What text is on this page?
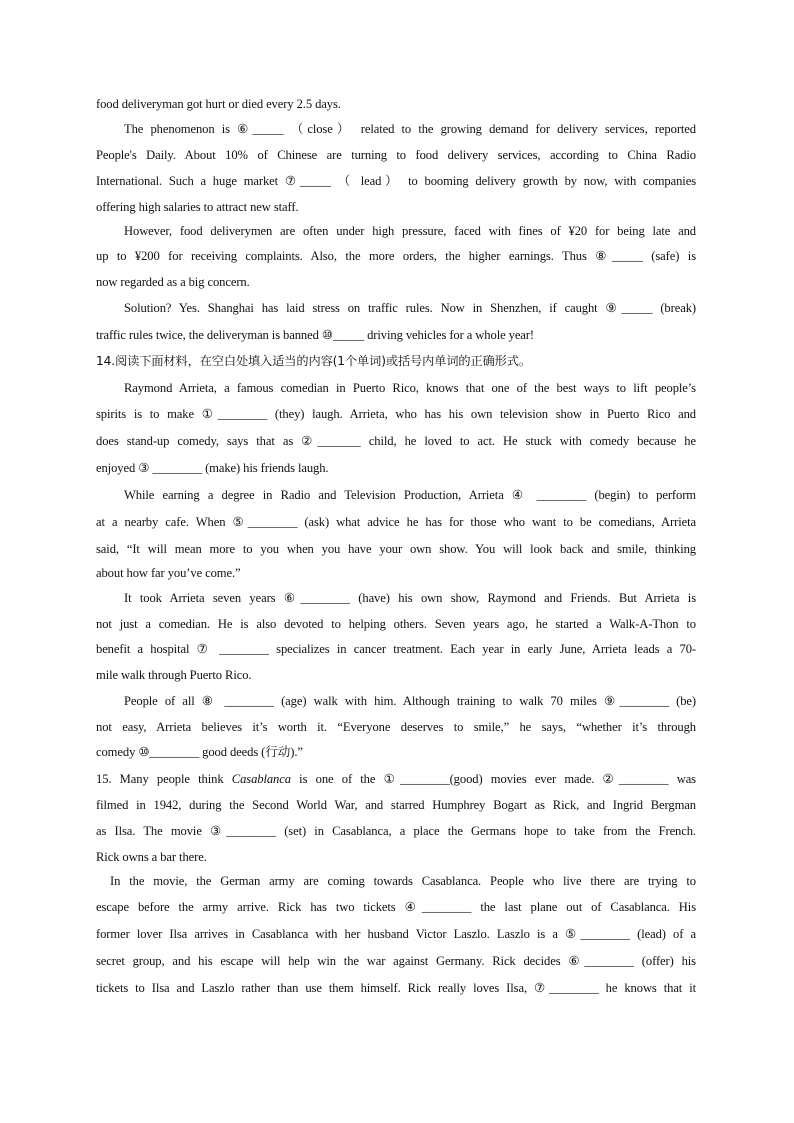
food deliveryman got hurt or died every 2.5 days.
The phenomenon is ⑥_____ （close） related to the growing demand for delivery services, reported
People's Daily. About 10% of Chinese are turning to food delivery services, according to China Radio
International. Such a huge market ⑦_____ （ lead） to booming delivery growth by now, with companies
offering high salaries to attract new staff.
However, food deliverymen are often under high pressure, faced with fines of ¥20 for being late and
up to ¥200 for receiving complaints. Also, the more orders, the higher earnings. Thus ⑧_____ (safe) is
now regarded as a big concern.
Solution? Yes. Shanghai has laid stress on traffic rules. Now in Shenzhen, if caught ⑨_____ (break)
traffic rules twice, the deliveryman is banned ⑩_____ driving vehicles for a whole year!
14.阅读下面材料，在空白处填入适当的内容(1个单词)或括号内单词的正确形式。
Raymond Arrieta, a famous comedian in Puerto Rico, knows that one of the best ways to lift people’s
spirits is to make ①________ (they) laugh. Arrieta, who has his own television show in Puerto Rico and
does stand-up comedy, says that as ②_______ child, he loved to act. He stuck with comedy because he
enjoyed ③ ________ (make) his friends laugh.
While earning a degree in Radio and Television Production, Arrieta ④ ________ (begin) to perform
at a nearby cafe. When ⑤________ (ask) what advice he has for those who want to be comedians, Arrieta
said, “It will mean more to you when you have your own show. You will look back and smile, thinking
about how far you’ve come.”
It took Arrieta seven years ⑥________ (have) his own show, Raymond and Friends. But Arrieta is
not just a comedian. He is also devoted to helping others. Seven years ago, he started a Walk-A-Thon to
benefit a hospital ⑦ ________ specializes in cancer treatment. Each year in early June, Arrieta leads a 70-
mile walk through Puerto Rico.
People of all ⑧ ________ (age) walk with him. Although training to walk 70 miles ⑨________ (be)
not easy, Arrieta believes it’s worth it. “Everyone deserves to smile,” he says, “whether it’s through
comedy ⑩________ good deeds (行动).”
15. Many people think Casablanca is one of the ①________(good) movies ever made. ②________ was
filmed in 1942, during the Second World War, and starred Humphrey Bogart as Rick, and Ingrid Bergman
as Ilsa. The movie ③________ (set) in Casablanca, a place the Germans hope to take from the French.
Rick owns a bar there.
In the movie, the German army are coming towards Casablanca. People who live there are trying to
escape before the army arrive. Rick has two tickets ④________ the last plane out of Casablanca. His
former lover Ilsa arrives in Casablanca with her husband Victor Laszlo. Laszlo is a ⑤________ (lead) of a
secret group, and his escape will help win the war against Germany. Rick decides ⑥________ (offer) his
tickets to Ilsa and Laszlo rather than use them himself. Rick really loves Ilsa, ⑦________ he knows that it
